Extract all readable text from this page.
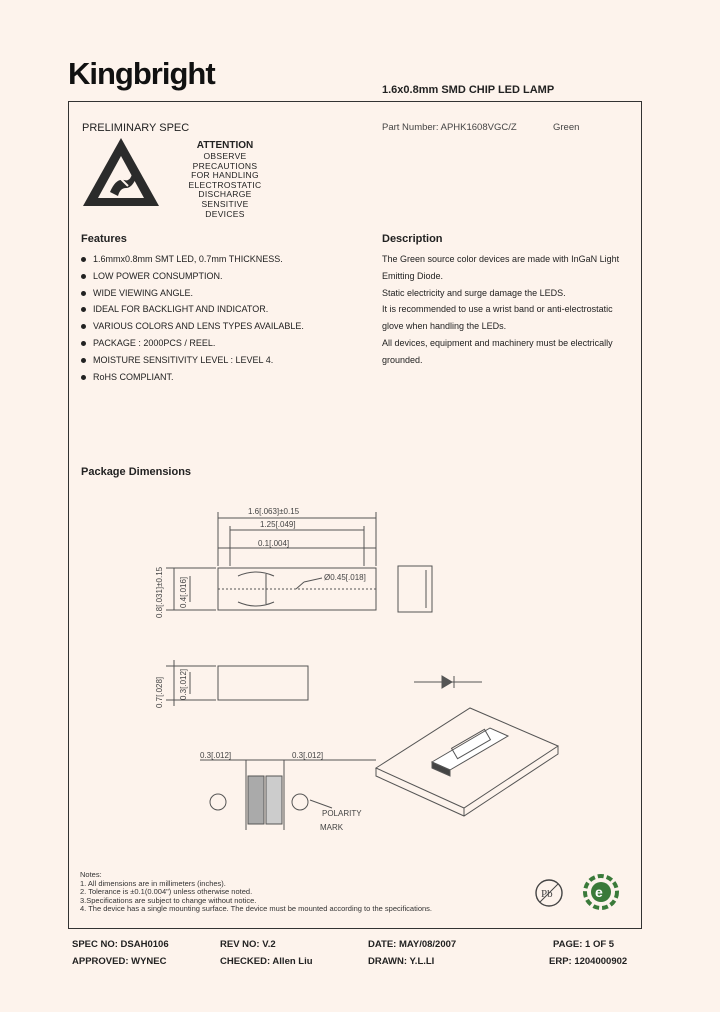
Kingbright	1.6x0.8mm SMD CHIP LED LAMP
PRELIMINARY SPEC	Part Number: APHK1608VGC/Z	Green
ATTENTION
OBSERVE PRECAUTIONS
FOR HANDLING
ELECTROSTATIC
DISCHARGE
SENSITIVE
DEVICES
Features
1.6mmx0.8mm SMT LED, 0.7mm THICKNESS.
LOW POWER CONSUMPTION.
WIDE VIEWING ANGLE.
IDEAL FOR BACKLIGHT AND INDICATOR.
VARIOUS COLORS AND LENS TYPES AVAILABLE.
PACKAGE : 2000PCS / REEL.
MOISTURE SENSITIVITY LEVEL : LEVEL 4.
RoHS COMPLIANT.
Description
The Green source color devices are made with InGaN Light
Emitting Diode.
Static electricity and surge damage the LEDS.
It is recommended to use a wrist band or anti-electrostatic
glove when handling the LEDs.
All devices, equipment and machinery must be electrically
grounded.
Package Dimensions
1.6[.063]±0.15
1.25[.049]
0.1[.004]
Ø0.45[.018]
0.8[.031]±0.15 0.4[.016]
0.7[.028] 0.3[.012]
0.3[.012]	0.3[.012]
POLARITY
MARK
Notes:
1. All dimensions are in millimeters (inches).
2. Tolerance is ±0.1(0.004") unless otherwise noted.
3.Specifications are subject to change without notice.
4. The device has a single mounting surface. The device must be mounted according to the specifications.
Pb	e
SPEC NO: DSAH0106	REV NO: V.2	DATE: MAY/08/2007	PAGE: 1 OF 5
APPROVED: WYNEC	CHECKED: Allen Liu	DRAWN: Y.L.LI	ERP: 1204000902
